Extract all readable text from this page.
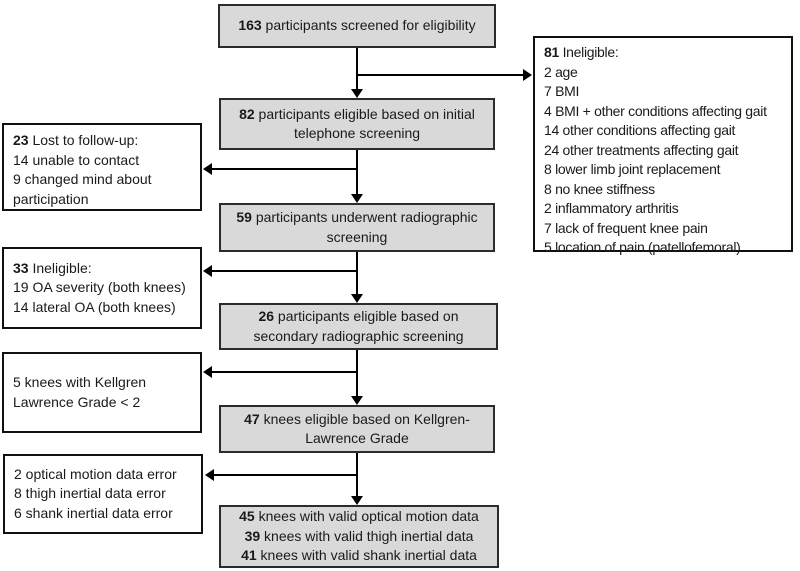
163 participants screened for eligibility
82 participants eligible based on initial telephone screening
59 participants underwent radiographic screening
26 participants eligible based on secondary radiographic screening
47 knees eligible based on Kellgren-Lawrence Grade
45 knees with valid optical motion data
39 knees with valid thigh inertial data
41 knees with valid shank inertial data
23 Lost to follow-up:
14 unable to contact
9 changed mind about participation
33 Ineligible:
19 OA severity (both knees)
14 lateral OA (both knees)
5 knees with Kellgren Lawrence Grade < 2
2 optical motion data error
8 thigh inertial data error
6 shank inertial data error
81 Ineligible:
2 age
7 BMI
4 BMI + other conditions affecting gait
14 other conditions affecting gait
24 other treatments affecting gait
8 lower limb joint replacement
8 no knee stiffness
2 inflammatory arthritis
7 lack of frequent knee pain
5 location of pain (patellofemoral)
